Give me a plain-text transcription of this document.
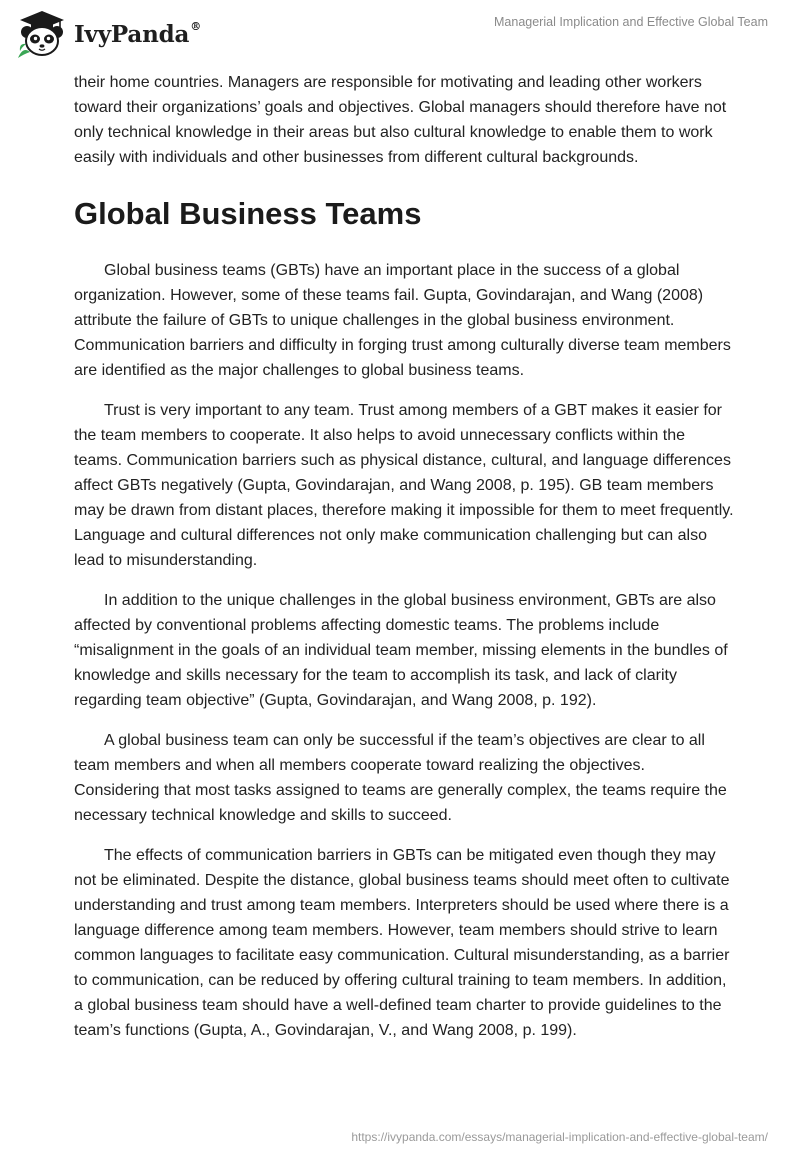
IvyPanda®	Managerial Implication and Effective Global Team

their home countries. Managers are responsible for motivating and leading other workers toward their organizations’ goals and objectives. Global managers should therefore have not only technical knowledge in their areas but also cultural knowledge to enable them to work easily with individuals and other businesses from different cultural backgrounds.

Global Business Teams

Global business teams (GBTs) have an important place in the success of a global organization. However, some of these teams fail. Gupta, Govindarajan, and Wang (2008) attribute the failure of GBTs to unique challenges in the global business environment. Communication barriers and difficulty in forging trust among culturally diverse team members are identified as the major challenges to global business teams.

Trust is very important to any team. Trust among members of a GBT makes it easier for the team members to cooperate. It also helps to avoid unnecessary conflicts within the teams. Communication barriers such as physical distance, cultural, and language differences affect GBTs negatively (Gupta, Govindarajan, and Wang 2008, p. 195). GB team members may be drawn from distant places, therefore making it impossible for them to meet frequently. Language and cultural differences not only make communication challenging but can also lead to misunderstanding.

In addition to the unique challenges in the global business environment, GBTs are also affected by conventional problems affecting domestic teams. The problems include “misalignment in the goals of an individual team member, missing elements in the bundles of knowledge and skills necessary for the team to accomplish its task, and lack of clarity regarding team objective” (Gupta, Govindarajan, and Wang 2008, p. 192).

A global business team can only be successful if the team’s objectives are clear to all team members and when all members cooperate toward realizing the objectives. Considering that most tasks assigned to teams are generally complex, the teams require the necessary technical knowledge and skills to succeed.

The effects of communication barriers in GBTs can be mitigated even though they may not be eliminated. Despite the distance, global business teams should meet often to cultivate understanding and trust among team members. Interpreters should be used where there is a language difference among team members. However, team members should strive to learn common languages to facilitate easy communication. Cultural misunderstanding, as a barrier to communication, can be reduced by offering cultural training to team members. In addition, a global business team should have a well-defined team charter to provide guidelines to the team’s functions (Gupta, A., Govindarajan, V., and Wang 2008, p. 199).

https://ivypanda.com/essays/managerial-implication-and-effective-global-team/
